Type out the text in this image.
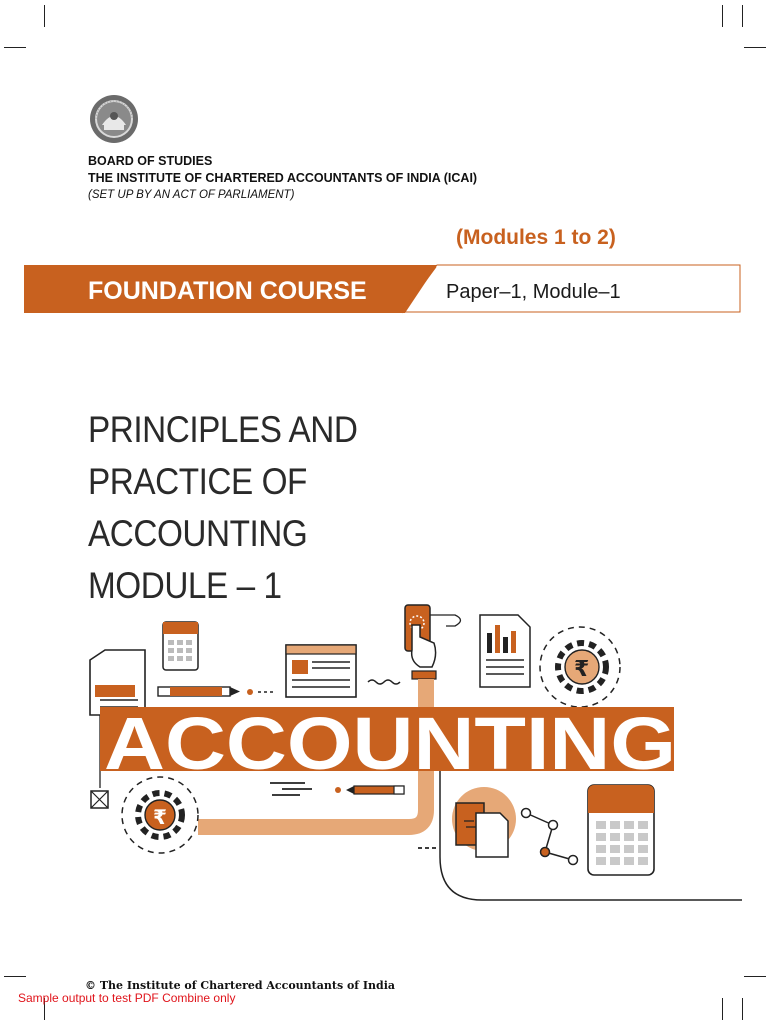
BOARD OF STUDIES
THE INSTITUTE OF CHARTERED ACCOUNTANTS OF INDIA (ICAI)
(SET UP BY AN ACT OF PARLIAMENT)
(Modules 1 to 2)
FOUNDATION COURSE	Paper–1, Module–1
PRINCIPLES AND
PRACTICE OF
ACCOUNTING
MODULE – 1
₹
ACCOUNTING
₹
© The Institute of Chartered Accountants of India
Sample output to test PDF Combine only
